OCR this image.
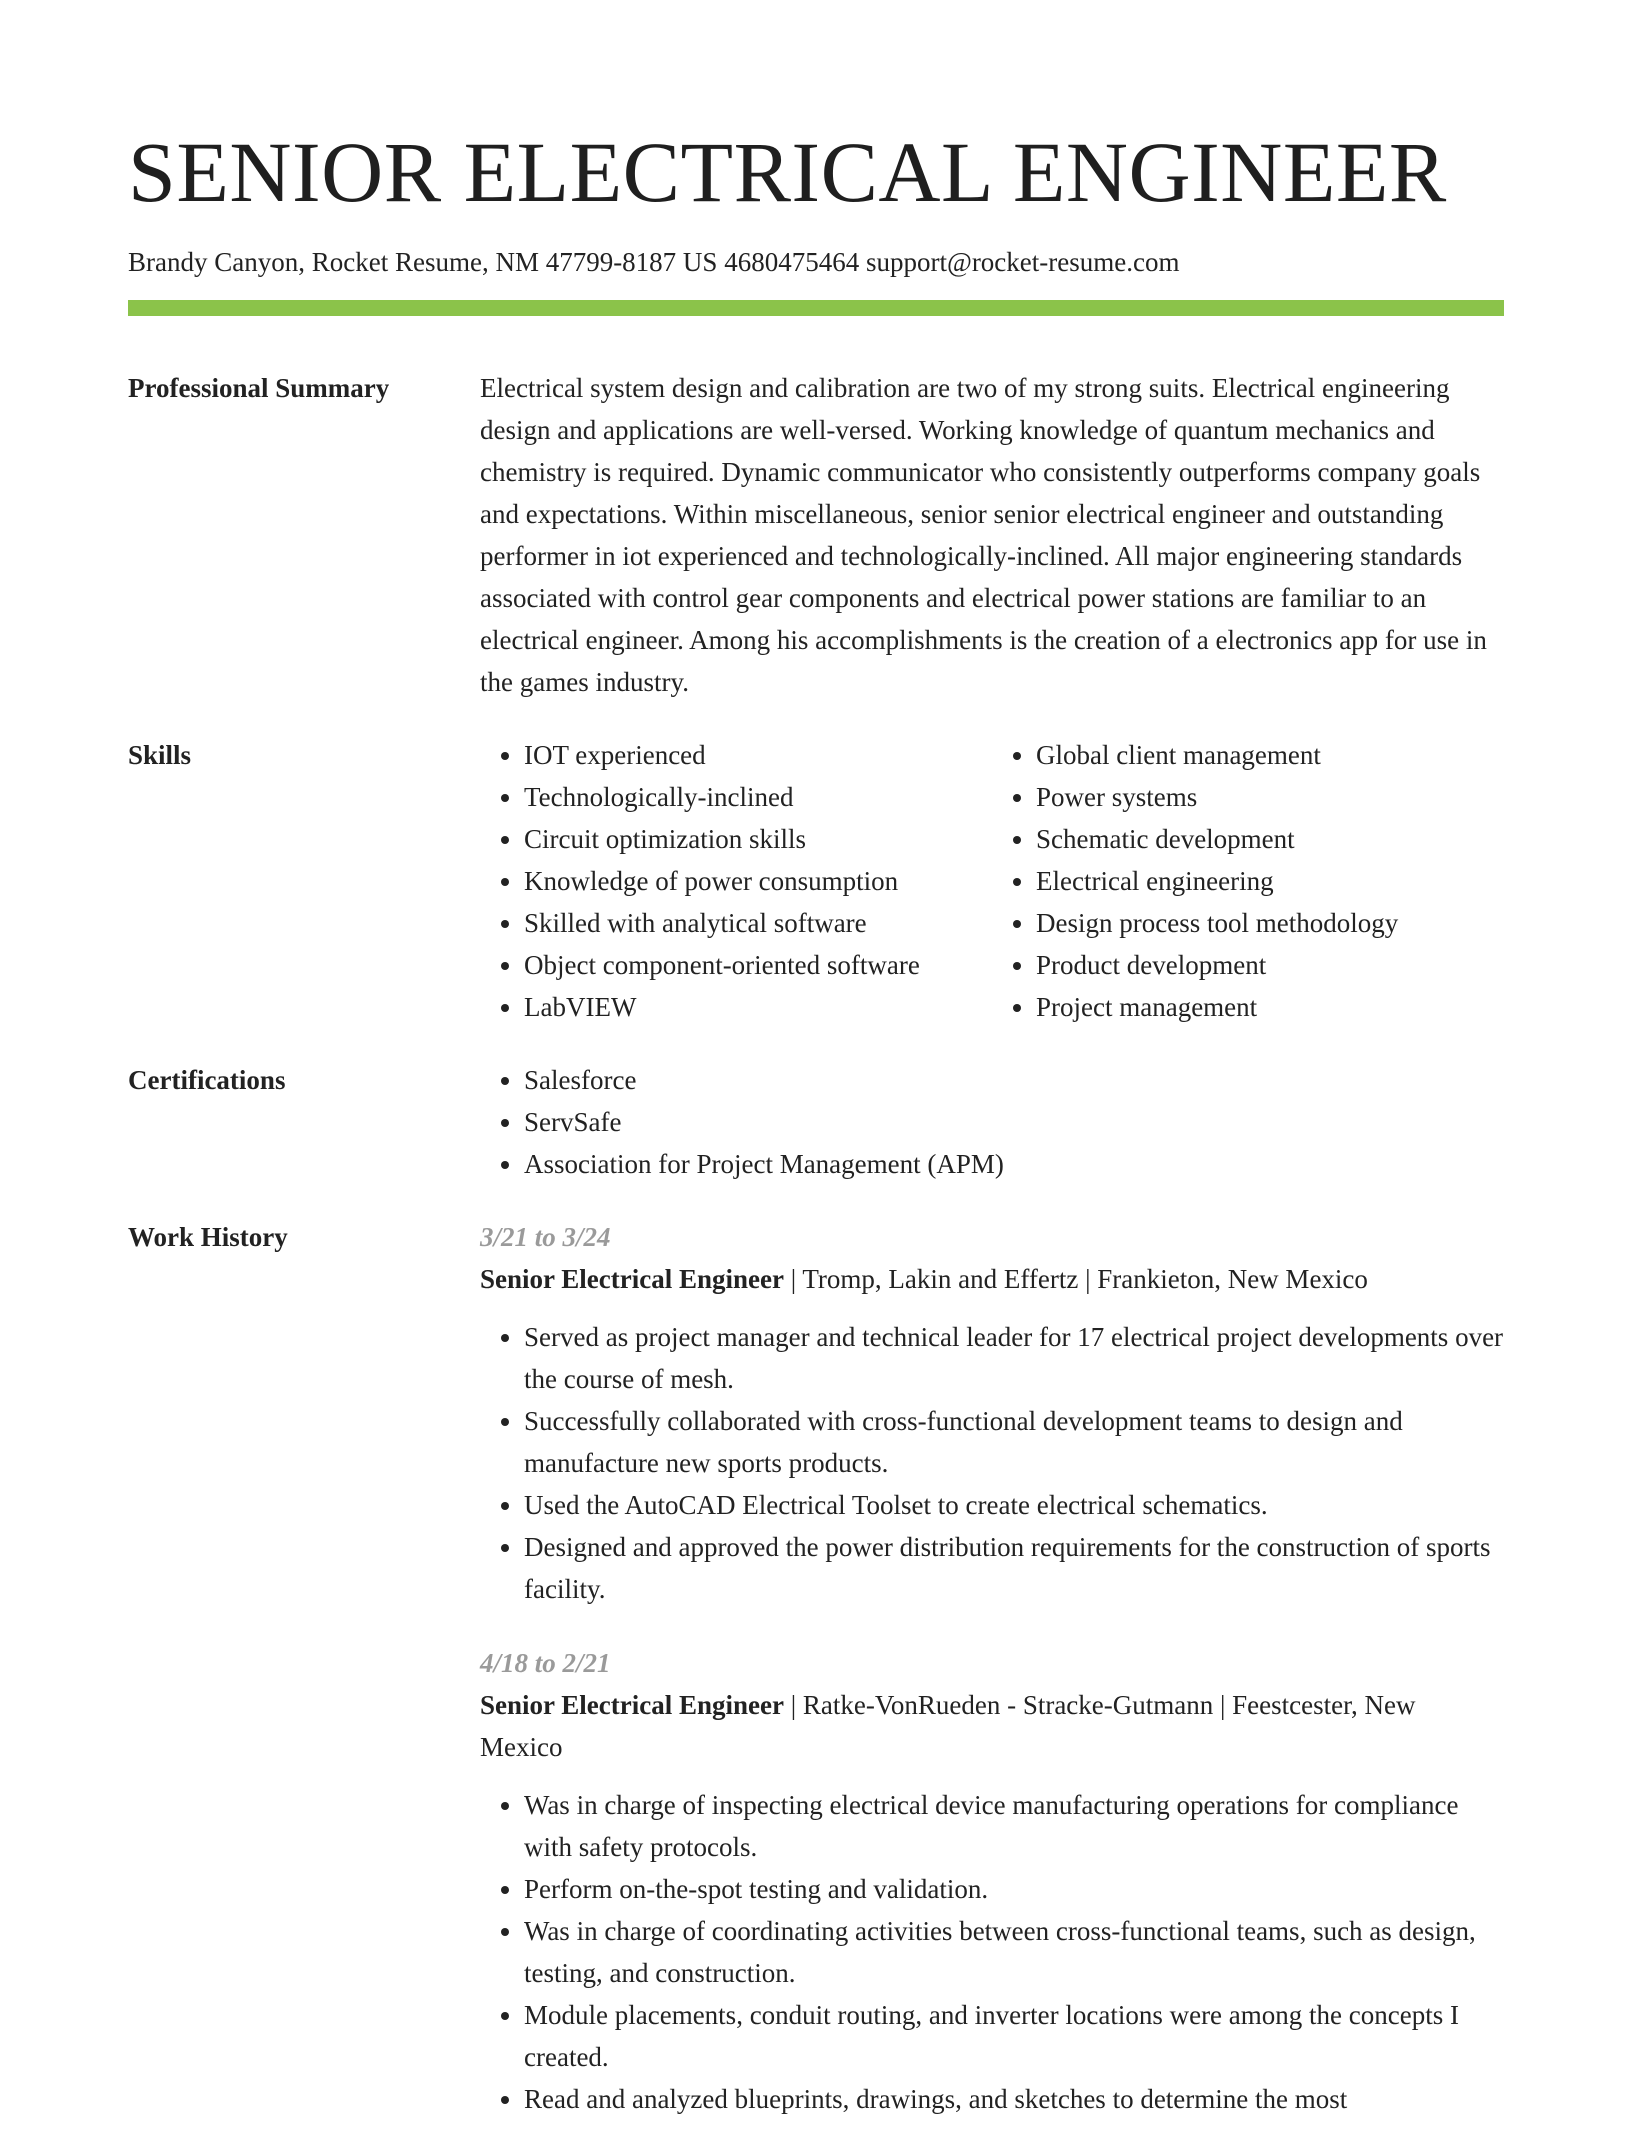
SENIOR ELECTRICAL ENGINEER
Brandy Canyon, Rocket Resume, NM 47799-8187 US 4680475464 support@rocket-resume.com
Professional Summary	Electrical system design and calibration are two of my strong suits. Electrical engineering design and applications are well-versed. Working knowledge of quantum mechanics and chemistry is required. Dynamic communicator who consistently outperforms company goals and expectations. Within miscellaneous, senior senior electrical engineer and outstanding performer in iot experienced and technologically-inclined. All major engineering standards associated with control gear components and electrical power stations are familiar to an electrical engineer. Among his accomplishments is the creation of a electronics app for use in the games industry.

Skills	• IOT experienced
• Technologically-inclined
• Circuit optimization skills
• Knowledge of power consumption
• Skilled with analytical software
• Object component-oriented software
• LabVIEW
• Global client management
• Power systems
• Schematic development
• Electrical engineering
• Design process tool methodology
• Product development
• Project management
Certifications	• Salesforce
• ServSafe
• Association for Project Management (APM)
Work History	3/21 to 3/24
Senior Electrical Engineer | Tromp, Lakin and Effertz | Frankieton, New Mexico
• Served as project manager and technical leader for 17 electrical project developments over the course of mesh.
• Successfully collaborated with cross-functional development teams to design and manufacture new sports products.
• Used the AutoCAD Electrical Toolset to create electrical schematics.
• Designed and approved the power distribution requirements for the construction of sports facility.
4/18 to 2/21
Senior Electrical Engineer | Ratke-VonRueden - Stracke-Gutmann | Feestcester, New Mexico
• Was in charge of inspecting electrical device manufacturing operations for compliance with safety protocols.
• Perform on-the-spot testing and validation.
• Was in charge of coordinating activities between cross-functional teams, such as design, testing, and construction.
• Module placements, conduit routing, and inverter locations were among the concepts I created.
• Read and analyzed blueprints, drawings, and sketches to determine the most
